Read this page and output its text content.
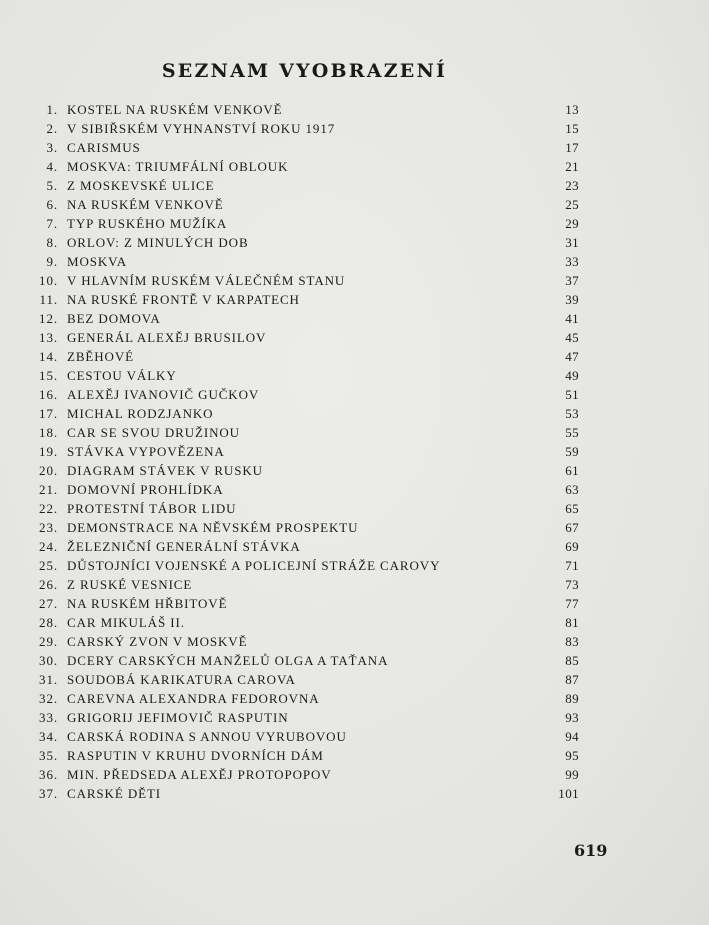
SEZNAM VYOBRAZENÍ
1. KOSTEL NA RUSKÉM VENKOVĚ	13
2. V SIBIŘSKÉM VYHNANSTVÍ ROKU 1917	15
3. CARISMUS	17
4. MOSKVA: TRIUMFÁLNÍ OBLOUK	21
5. Z MOSKEVSKÉ ULICE	23
6. NA RUSKÉM VENKOVĚ	25
7. TYP RUSKÉHO MUŽÍKA	29
8. ORLOV: Z MINULÝCH DOB	31
9. MOSKVA	33
10. V HLAVNÍM RUSKÉM VÁLEČNÉM STANU	37
11. NA RUSKÉ FRONTĚ V KARPATECH	39
12. BEZ DOMOVA	41
13. GENERÁL ALEXĚJ BRUSILOV	45
14. ZBĚHOVÉ	47
15. CESTOU VÁLKY	49
16. ALEXĚJ IVANOVIČ GUČKOV	51
17. MICHAL RODZJANKO	53
18. CAR SE SVOU DRUŽINOU	55
19. STÁVKA VYPOVĚZENA	59
20. DIAGRAM STÁVEK V RUSKU	61
21. DOMOVNÍ PROHLÍDKA	63
22. PROTESTNÍ TÁBOR LIDU	65
23. DEMONSTRACE NA NĚVSKÉM PROSPEKTU	67
24. ŽELEZNIČNÍ GENERÁLNÍ STÁVKA	69
25. DŮSTOJNÍCI VOJENSKÉ A POLICEJNÍ STRÁŽE CAROVY	71
26. Z RUSKÉ VESNICE	73
27. NA RUSKÉM HŘBITOVĚ	77
28. CAR MIKULÁŠ II.	81
29. CARSKÝ ZVON V MOSKVĚ	83
30. DCERY CARSKÝCH MANŽELŮ OLGA A TAŤANA	85
31. SOUDOBÁ KARIKATURA CAROVA	87
32. CAREVNA ALEXANDRA FEDOROVNA	89
33. GRIGORIJ JEFIMOVIČ RASPUTIN	93
34. CARSKÁ RODINA S ANNOU VYRUBOVOU	94
35. RASPUTIN V KRUHU DVORNÍCH DÁM	95
36. MIN. PŘEDSEDA ALEXĚJ PROTOPOPOV	99
37. CARSKÉ DĚTI	101
619
